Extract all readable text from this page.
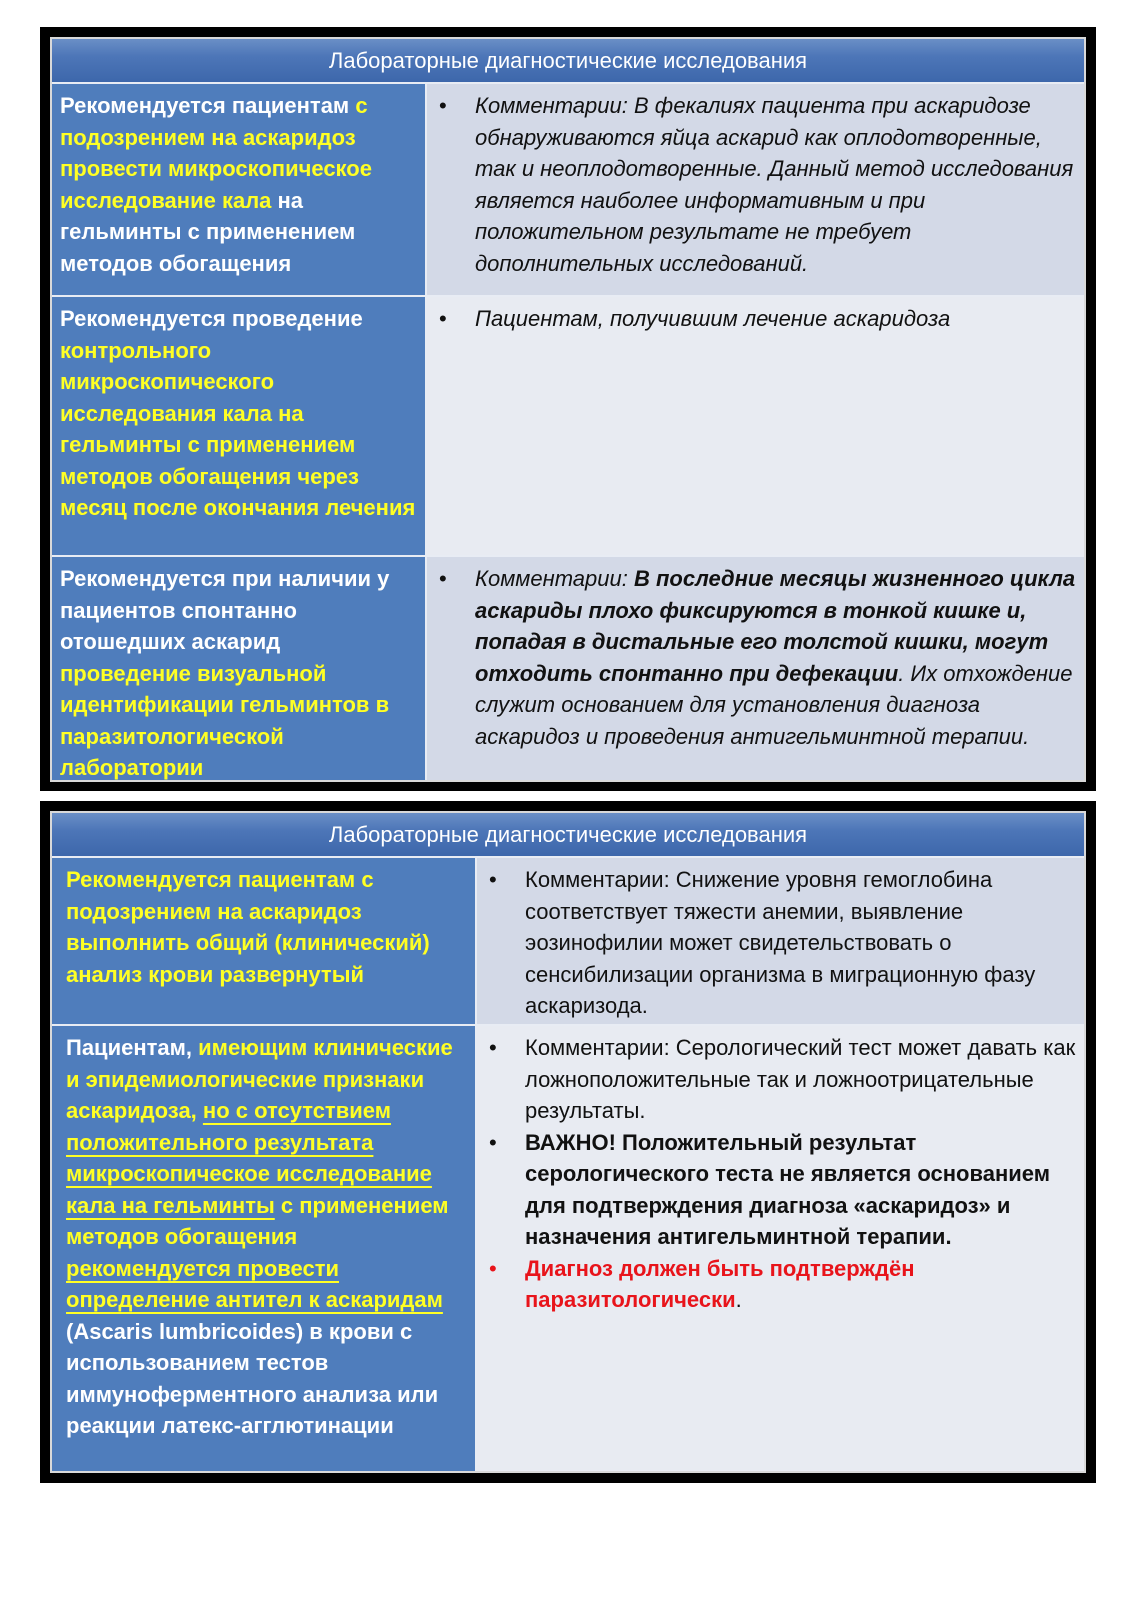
Лабораторные диагностические исследования
Рекомендуется пациентам с подозрением на аскаридоз провести микроскопическое исследование кала на гельминты с применением методов обогащения
•	Комментарии: В фекалиях пациента при аскаридозе обнаруживаются яйца аскарид как оплодотворенные, так и неоплодотворенные. Данный метод исследования является наиболее информативным и при положительном результате не требует дополнительных исследований.
Рекомендуется проведение контрольного микроскопического исследования кала на гельминты с применением методов обогащения через месяц после окончания лечения
•	Пациентам, получившим лечение аскаридоза
Рекомендуется при наличии у пациентов спонтанно отошедших аскарид проведение визуальной идентификации гельминтов в паразитологической лаборатории
•	Комментарии: В последние месяцы жизненного цикла аскариды плохо фиксируются в тонкой кишке и, попадая в дистальные его толстой кишки, могут отходить спонтанно при дефекации. Их отхождение служит основанием для установления диагноза аскаридоз и проведения антигельминтной терапии.
Лабораторные диагностические исследования
Рекомендуется пациентам с подозрением на аскаридоз выполнить общий (клинический) анализ крови развернутый
•	Комментарии: Снижение уровня гемоглобина соответствует тяжести анемии, выявление эозинофилии может свидетельствовать о сенсибилизации организма в миграционную фазу аскаризода.
Пациентам, имеющим клинические и эпидемиологические признаки аскаридоза, но с отсутствием положительного результата микроскопическое исследование кала на гельминты с применением методов обогащения рекомендуется провести определение антител к аскаридам (Ascaris lumbricoides) в крови с использованием тестов иммуноферментного анализа или реакции латекс-агглютинации
•	Комментарии: Серологический тест может давать как ложноположительные так и ложноотрицательные результаты.
•	ВАЖНО! Положительный результат серологического теста не является основанием для подтверждения диагноза «аскаридоз» и назначения антигельминтной терапии.
•	Диагноз должен быть подтверждён паразитологически.
